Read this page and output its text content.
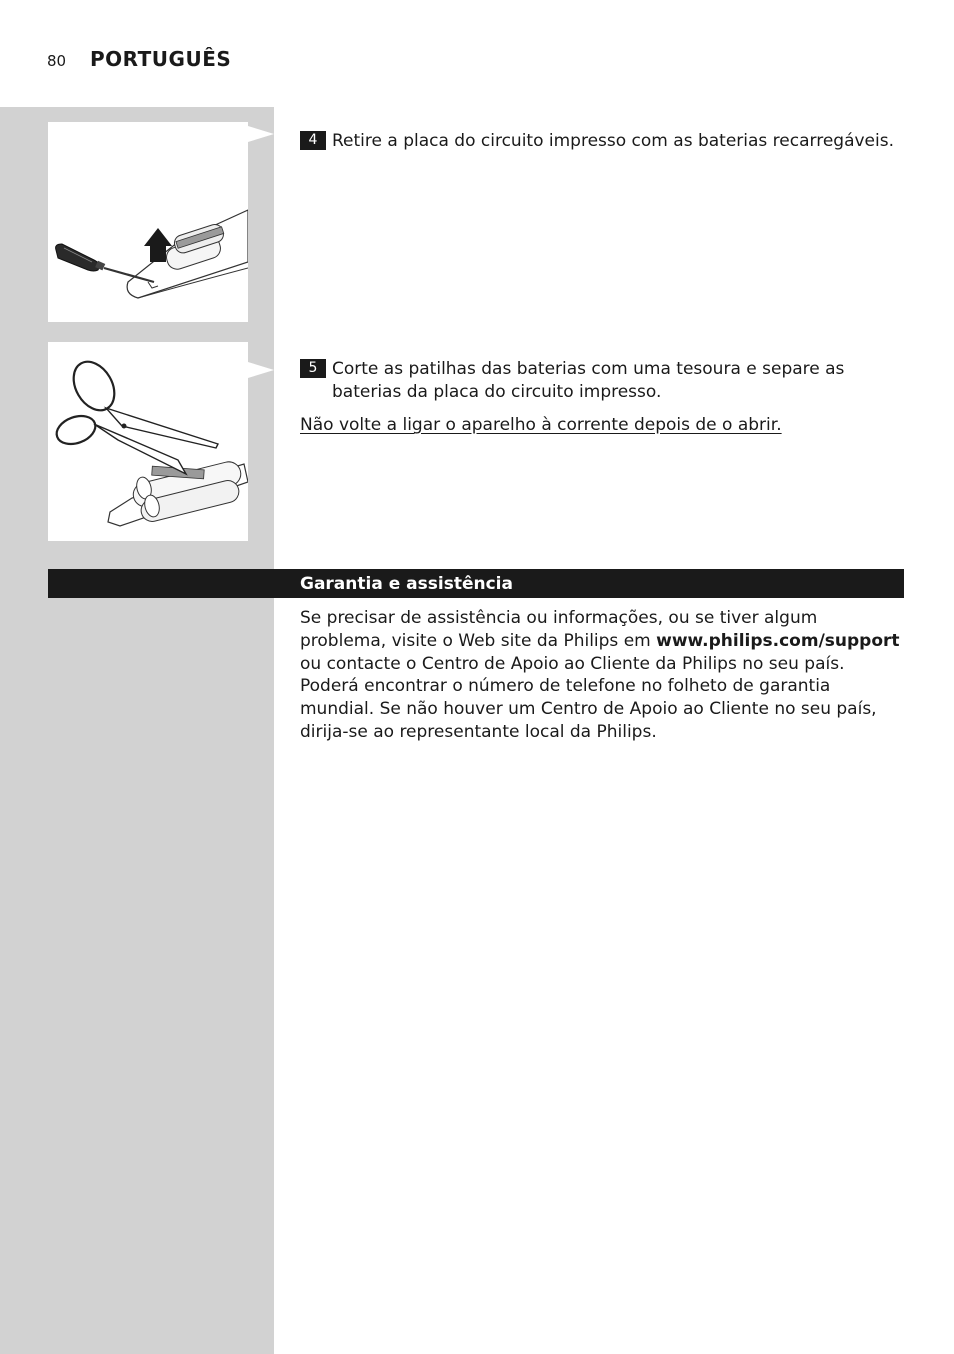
80 PORTUGUÊS
4 Retire a placa do circuito impresso com as baterias recarregáveis.
5 Corte as patilhas das baterias com uma tesoura e separe as baterias da placa do circuito impresso.
Não volte a ligar o aparelho à corrente depois de o abrir.
Garantia e assistência
Se precisar de assistência ou informações, ou se tiver algum problema, visite o Web site da Philips em www.philips.com/support ou contacte o Centro de Apoio ao Cliente da Philips no seu país. Poderá encontrar o número de telefone no folheto de garantia mundial. Se não houver um Centro de Apoio ao Cliente no seu país, dirija-se ao representante local da Philips.
